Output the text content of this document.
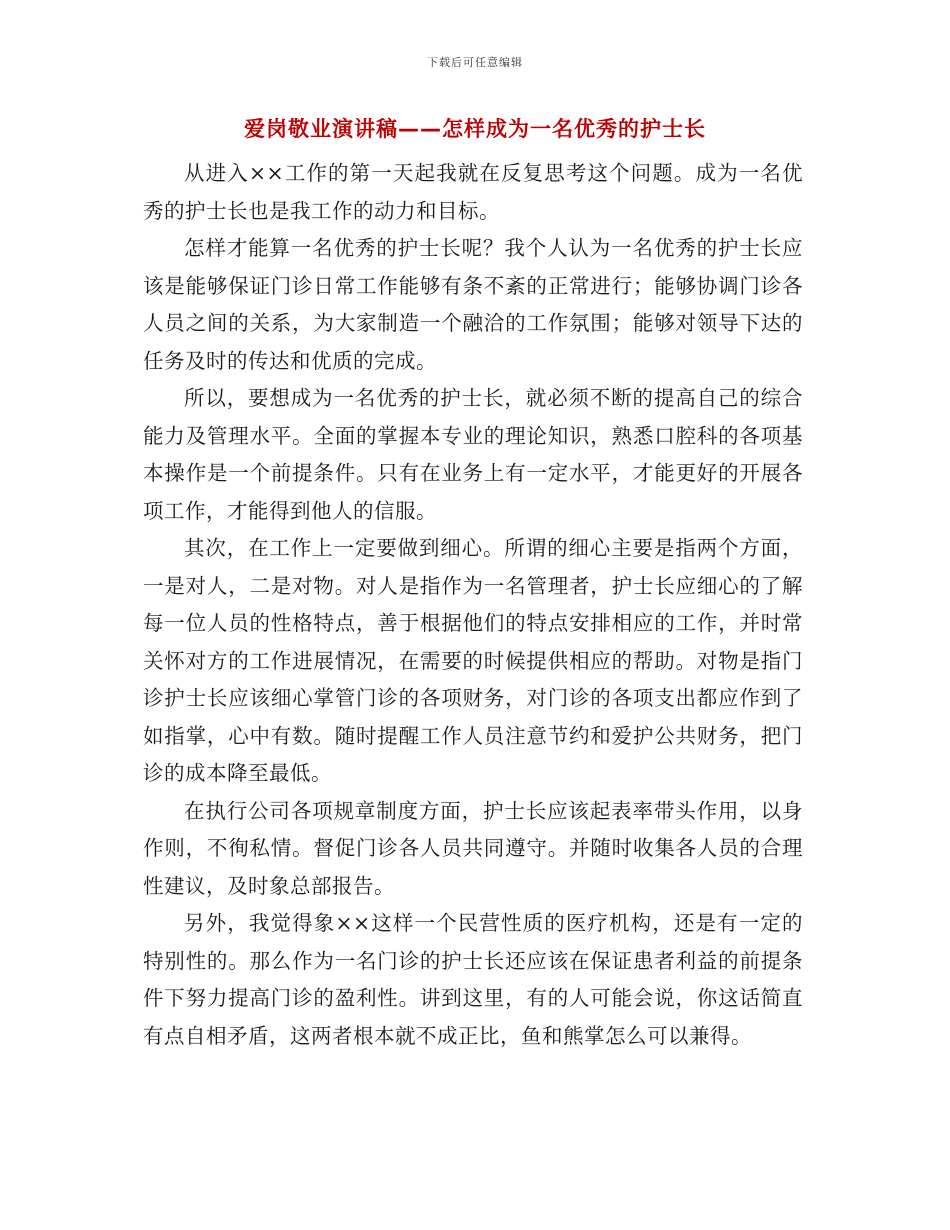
下载后可任意编辑
爱岗敬业演讲稿——怎样成为一名优秀的护士长

从进入××工作的第一天起我就在反复思考这个问题。成为一名优秀的护士长也是我工作的动力和目标。

怎样才能算一名优秀的护士长呢？我个人认为一名优秀的护士长应该是能够保证门诊日常工作能够有条不紊的正常进行；能够协调门诊各人员之间的关系，为大家制造一个融洽的工作氛围；能够对领导下达的任务及时的传达和优质的完成。

所以，要想成为一名优秀的护士长，就必须不断的提高自己的综合能力及管理水平。全面的掌握本专业的理论知识，熟悉口腔科的各项基本操作是一个前提条件。只有在业务上有一定水平，才能更好的开展各项工作，才能得到他人的信服。

其次，在工作上一定要做到细心。所谓的细心主要是指两个方面，一是对人，二是对物。对人是指作为一名管理者，护士长应细心的了解每一位人员的性格特点，善于根据他们的特点安排相应的工作，并时常关怀对方的工作进展情况，在需要的时候提供相应的帮助。对物是指门诊护士长应该细心掌管门诊的各项财务，对门诊的各项支出都应作到了如指掌，心中有数。随时提醒工作人员注意节约和爱护公共财务，把门诊的成本降至最低。

在执行公司各项规章制度方面，护士长应该起表率带头作用，以身作则，不徇私情。督促门诊各人员共同遵守。并随时收集各人员的合理性建议，及时象总部报告。

另外，我觉得象××这样一个民营性质的医疗机构，还是有一定的特别性的。那么作为一名门诊的护士长还应该在保证患者利益的前提条件下努力提高门诊的盈利性。讲到这里，有的人可能会说，你这话简直有点自相矛盾，这两者根本就不成正比，鱼和熊掌怎么可以兼得。
